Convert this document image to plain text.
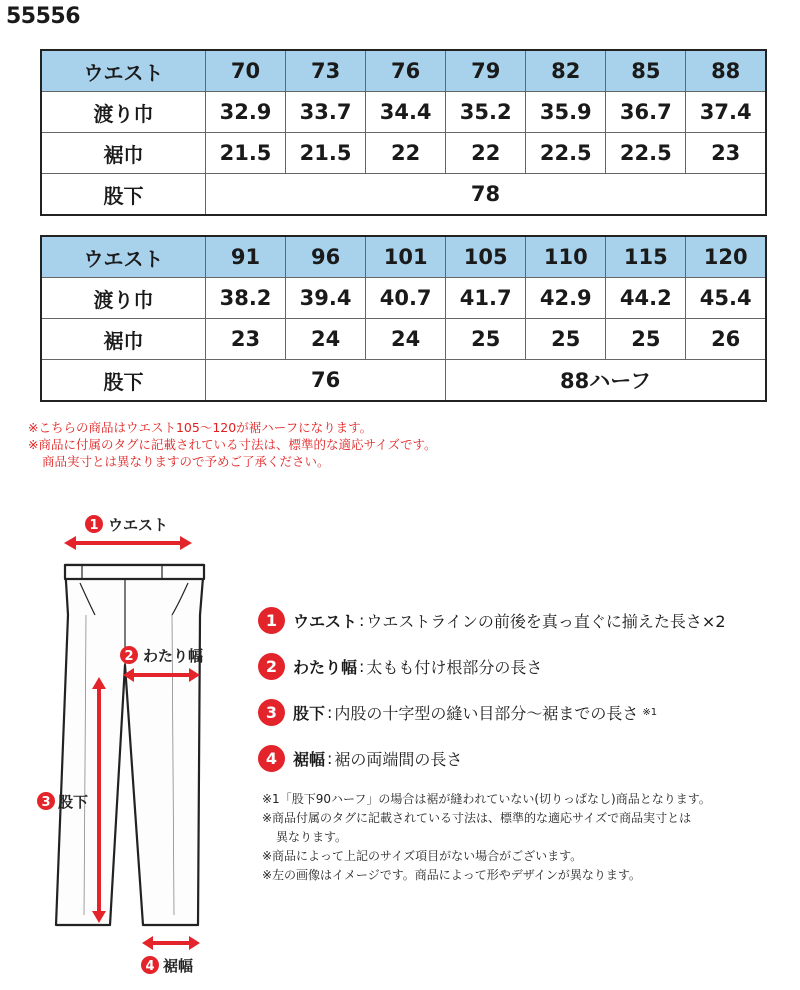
55556
ウエスト	70	73	76	79	82	85	88
渡り巾	32.9	33.7	34.4	35.2	35.9	36.7	37.4
裾巾	21.5	21.5	22	22	22.5	22.5	23
股下	78						
ウエスト	91	96	101	105	110	115	120
渡り巾	38.2	39.4	40.7	41.7	42.9	44.2	45.4
裾巾	23	24	24	25	25	25	26
股下	76			88ハーフ			
※こちらの商品はウエスト105〜120が裾ハーフになります。
※商品に付属のタグに記載されている寸法は、標準的な適応サイズです。
商品実寸とは異なりますので予めご了承ください。
1 ウエスト
2 わたり幅
3 股下
4 裾幅
1 ウエスト : ウエストラインの前後を真っ直ぐに揃えた長さ×2
2 わたり幅 : 太もも付け根部分の長さ
3 股下 : 内股の十字型の縫い目部分〜裾までの長さ ※1
4 裾幅 : 裾の両端間の長さ
※1「股下90ハーフ」の場合は裾が縫われていない(切りっぱなし)商品となります。
※商品付属のタグに記載されている寸法は、標準的な適応サイズで商品実寸とは
異なります。
※商品によって上記のサイズ項目がない場合がございます。
※左の画像はイメージです。商品によって形やデザインが異なります。
